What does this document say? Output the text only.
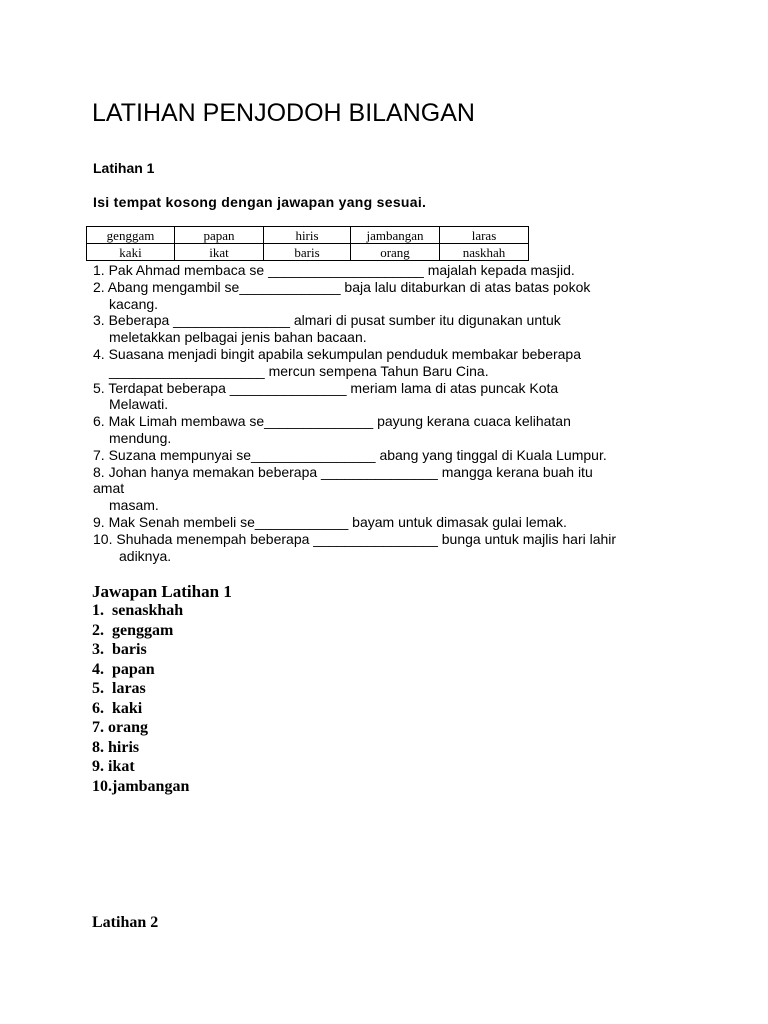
LATIHAN PENJODOH BILANGAN
Latihan 1
Isi tempat kosong dengan jawapan yang sesuai.
genggam	papan	hiris	jambangan	laras
kaki	ikat	baris	orang	naskhah
1. Pak Ahmad membaca se ____________________ majalah kepada masjid.
2. Abang mengambil se_____________ baja lalu ditaburkan di atas batas pokok
kacang.
3. Beberapa _______________ almari di pusat sumber itu digunakan untuk
meletakkan pelbagai jenis bahan bacaan.
4. Suasana menjadi bingit apabila sekumpulan penduduk membakar beberapa
____________________ mercun sempena Tahun Baru Cina.
5. Terdapat beberapa _______________ meriam lama di atas puncak Kota
Melawati.
6. Mak Limah membawa se______________ payung kerana cuaca kelihatan
mendung.
7. Suzana mempunyai se________________ abang yang tinggal di Kuala Lumpur.
8. Johan hanya memakan beberapa _______________ mangga kerana buah itu
amat
masam.
9. Mak Senah membeli se____________ bayam untuk dimasak gulai lemak.
10. Shuhada menempah beberapa ________________ bunga untuk majlis hari lahir
adiknya.
Jawapan Latihan 1
1.  senaskhah
2.  genggam
3.  baris
4.  papan
5.  laras
6.  kaki
7. orang
8. hiris
9. ikat
10.jambangan
Latihan 2
